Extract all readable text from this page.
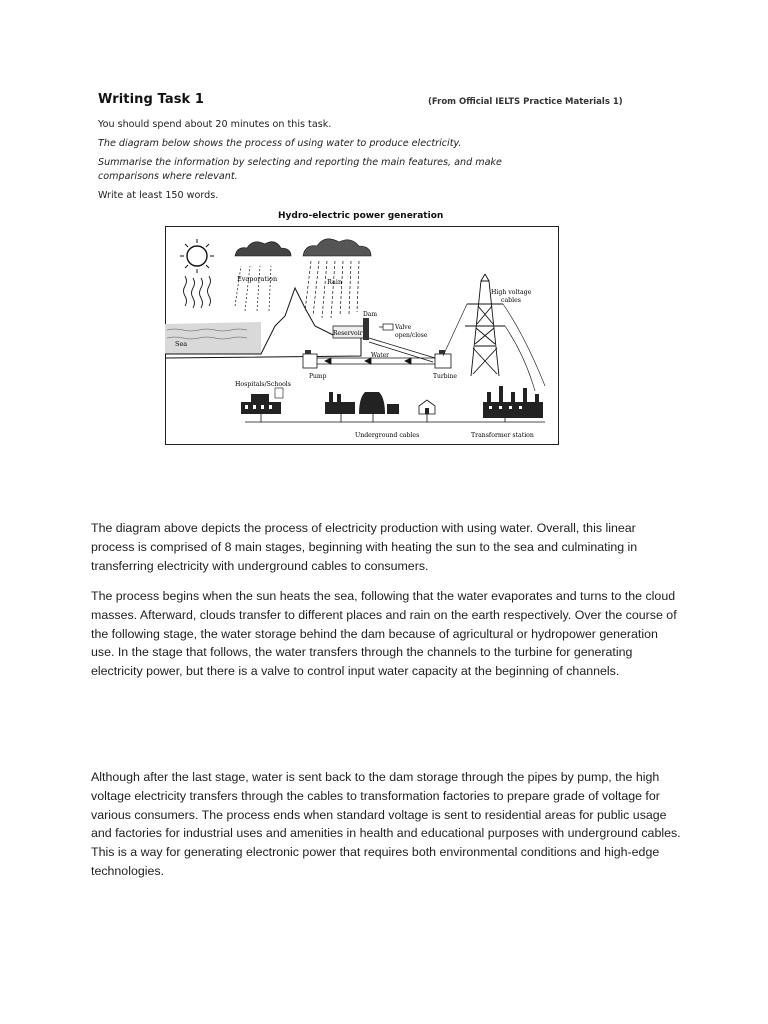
Writing Task 1	(From Official IELTS Practice Materials 1)
You should spend about 20 minutes on this task.
The diagram below shows the process of using water to produce electricity.
Summarise the information by selecting and reporting the main features, and make
comparisons where relevant.
Write at least 150 words.
Hydro-electric power generation
Evaporation	Rain
Sea
Dam
Reservoir
Valve
open/close
Water
Pump	Turbine
High voltage
cables
Hospitals/Schools
Underground cables	Transformer station

The diagram above depicts the process of electricity production with using water. Overall, this linear process is comprised of 8 main stages, beginning with heating the sun to the sea and culminating in transferring electricity with underground cables to consumers.

The process begins when the sun heats the sea, following that the water evaporates and turns to the cloud masses. Afterward, clouds transfer to different places and rain on the earth respectively. Over the course of the following stage, the water storage behind the dam because of agricultural or hydropower generation use. In the stage that follows, the water transfers through the channels to the turbine for generating electricity power, but there is a valve to control input water capacity at the beginning of channels.

Although after the last stage, water is sent back to the dam storage through the pipes by pump, the high voltage electricity transfers through the cables to transformation factories to prepare grade of voltage for various consumers. The process ends when standard voltage is sent to residential areas for public usage and factories for industrial uses and amenities in health and educational purposes with underground cables. This is a way for generating electronic power that requires both environmental conditions and high-edge technologies.
